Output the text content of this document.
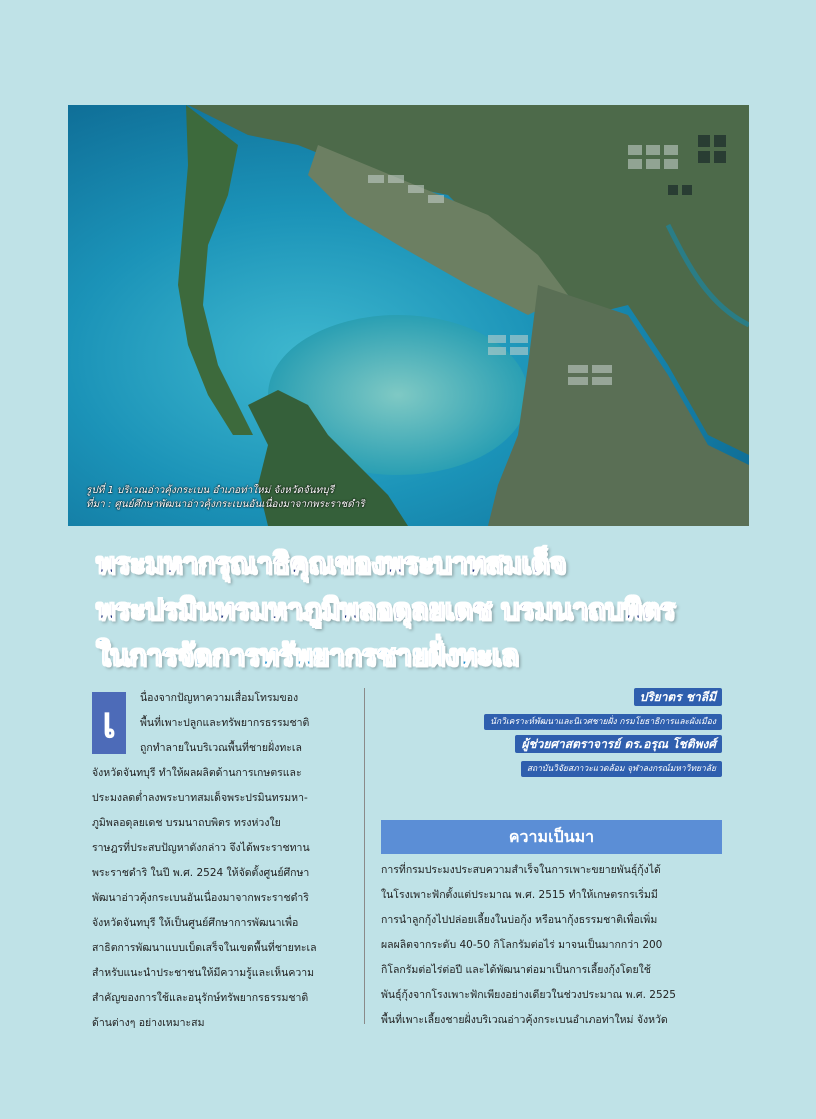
รูปที่ 1 บริเวณอ่าวคุ้งกระเบน อำเภอท่าใหม่ จังหวัดจันทบุรี
ที่มา : ศูนย์ศึกษาพัฒนาอ่าวคุ้งกระเบนอันเนื่องมาจากพระราชดำริ
พระมหากรุณาธิคุณของพระบาทสมเด็จ
พระปรมินทรมหาภูมิพลอดุลยเดช บรมนาถบพิตร
ในการจัดการทรัพยากรชายฝั่งทะเล
เ	นื่องจากปัญหาความเสื่อมโทรมของ
พื้นที่เพาะปลูกและทรัพยากรธรรมชาติ
ถูกทำลายในบริเวณพื้นที่ชายฝั่งทะเล
จังหวัดจันทบุรี ทำให้ผลผลิตด้านการเกษตรและ
ประมงลดต่ำลงพระบาทสมเด็จพระปรมินทรมหา-
ภูมิพลอดุลยเดช บรมนาถบพิตร ทรงห่วงใย
ราษฎรที่ประสบปัญหาดังกล่าว จึงได้พระราชทาน
พระราชดำริ ในปี พ.ศ. 2524 ให้จัดตั้งศูนย์ศึกษา
พัฒนาอ่าวคุ้งกระเบนอันเนื่องมาจากพระราชดำริ
จังหวัดจันทบุรี ให้เป็นศูนย์ศึกษาการพัฒนาเพื่อ
สาธิตการพัฒนาแบบเบ็ดเสร็จในเขตพื้นที่ชายทะเล
สำหรับแนะนำประชาชนให้มีความรู้และเห็นความ
สำคัญของการใช้และอนุรักษ์ทรัพยากรธรรมชาติ
ด้านต่างๆ อย่างเหมาะสม
ปริยาตร ชาลีมี
นักวิเคราะห์พัฒนาและนิเวศชายฝั่ง กรมโยธาธิการและผังเมือง
ผู้ช่วยศาสตราจารย์ ดร.อรุณ โชติพงศ์
สถาบันวิจัยสภาวะแวดล้อม จุฬาลงกรณ์มหาวิทยาลัย
ความเป็นมา
การที่กรมประมงประสบความสำเร็จในการเพาะขยายพันธุ์กุ้งได้
ในโรงเพาะฟักตั้งแต่ประมาณ พ.ศ. 2515 ทำให้เกษตรกรเริ่มมี
การนำลูกกุ้งไปปล่อยเลี้ยงในบ่อกุ้ง หรือนากุ้งธรรมชาติเพื่อเพิ่ม
ผลผลิตจากระดับ 40-50 กิโลกรัมต่อไร่ มาจนเป็นมากกว่า 200
กิโลกรัมต่อไร่ต่อปี และได้พัฒนาต่อมาเป็นการเลี้ยงกุ้งโดยใช้
พันธุ์กุ้งจากโรงเพาะฟักเพียงอย่างเดียวในช่วงประมาณ พ.ศ. 2525
พื้นที่เพาะเลี้ยงชายฝั่งบริเวณอ่าวคุ้งกระเบนอำเภอท่าใหม่ จังหวัด
